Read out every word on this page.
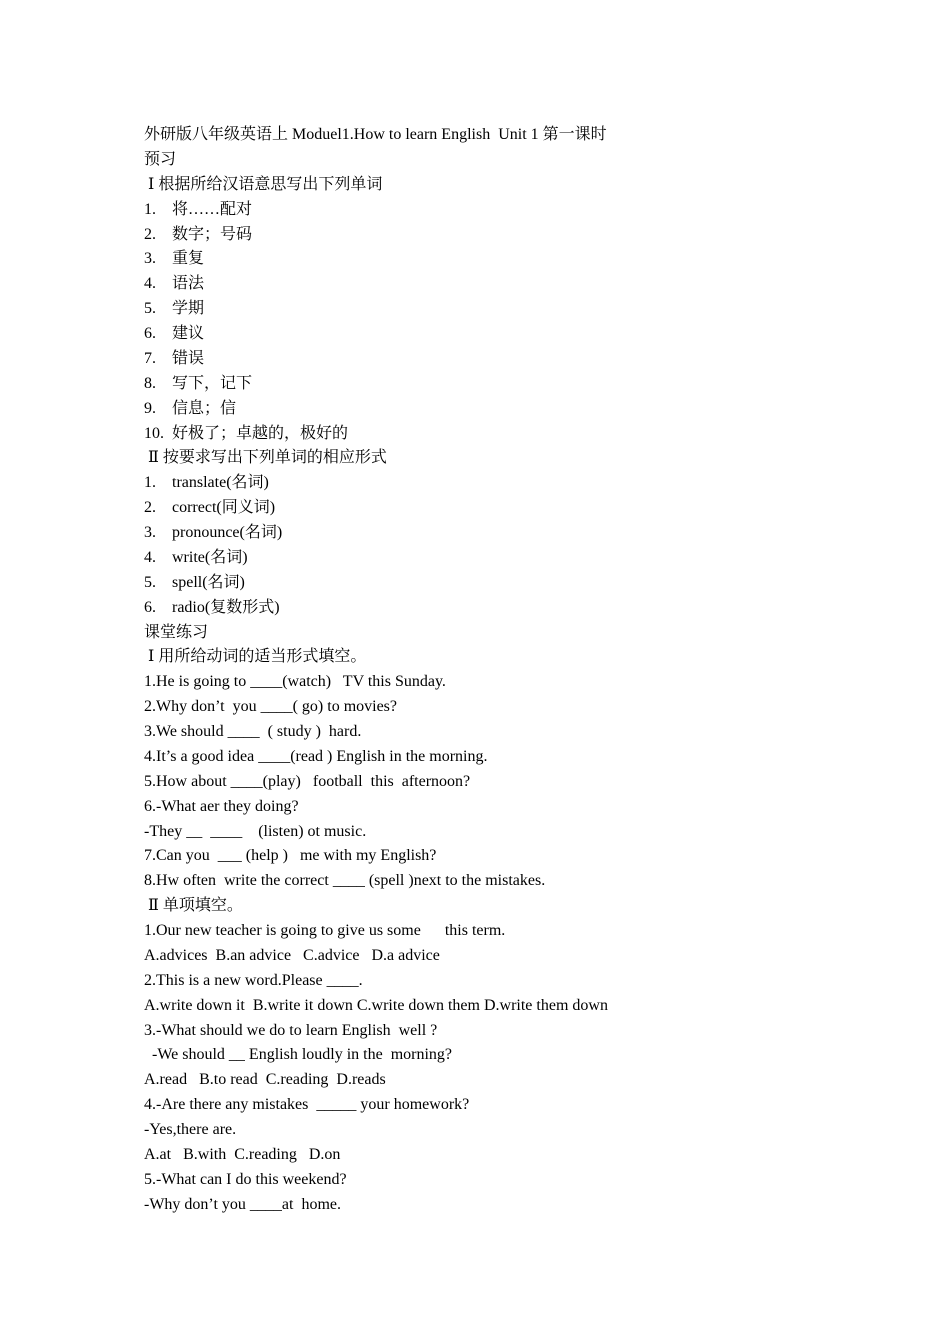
外研版八年级英语上 Moduel1.How to learn English  Unit 1 第一课时

预习

Ⅰ 根据所给汉语意思写出下列单词

1.    将……配对

2.    数字；号码

3.    重复

4.    语法

5.    学期

6.    建议

7.    错误

8.    写下，记下

9.    信息；信

10.  好极了；卓越的，极好的

Ⅱ 按要求写出下列单词的相应形式

1.    translate(名词)

2.    correct(同义词)

3.    pronounce(名词)

4.    write(名词)

5.    spell(名词)

6.    radio(复数形式)

课堂练习

Ⅰ 用所给动词的适当形式填空。

1.He is going to ____(watch)   TV this Sunday.

2.Why don’t  you ____( go) to movies?

3.We should ____  ( study )  hard.

4.It’s a good idea ____(read ) English in the morning.

5.How about ____(play)   football  this  afternoon?

6.-What aer they doing?

-They __  ____    (listen) ot music.

7.Can you  ___ (help )   me with my English?

8.Hw often  write the correct ____ (spell )next to the mistakes.

Ⅱ 单项填空。

1.Our new teacher is going to give us some      this term.

A.advices  B.an advice   C.advice   D.a advice

2.This is a new word.Please ____.

A.write down it  B.write it down C.write down them D.write them down

3.-What should we do to learn English  well ?

-We should __ English loudly in the  morning?

A.read   B.to read  C.reading  D.reads

4.-Are there any mistakes  _____ your homework?

-Yes,there are.

A.at   B.with  C.reading   D.on

5.-What can I do this weekend?

-Why don’t you ____at  home.
